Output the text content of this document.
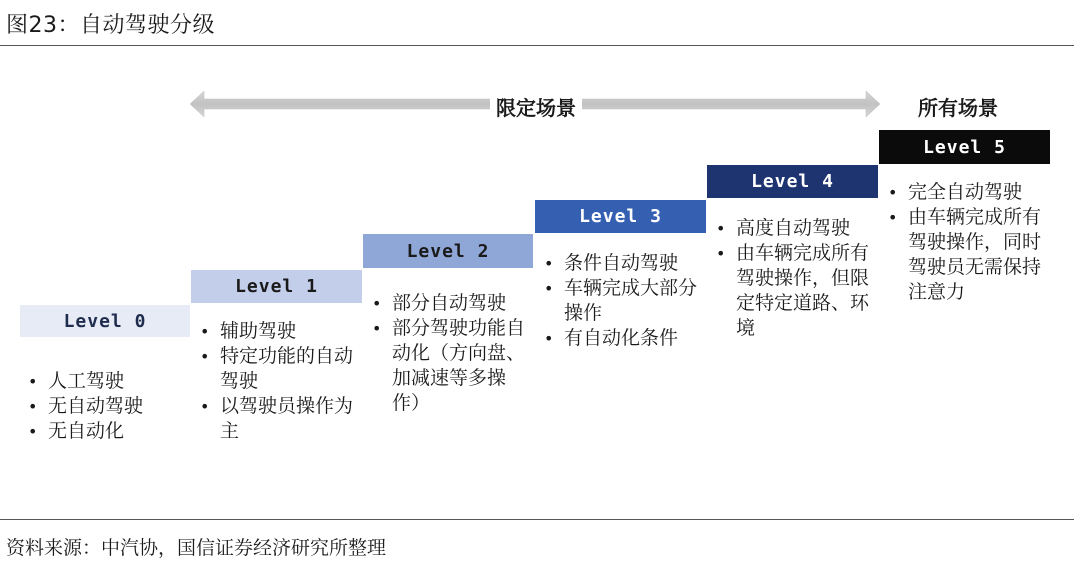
图23：自动驾驶分级
限定场景	所有场景
Level 0
• 人工驾驶
• 无自动驾驶
• 无自动化
Level 1
• 辅助驾驶
• 特定功能的自动驾驶
• 以驾驶员操作为主
Level 2
• 部分自动驾驶
• 部分驾驶功能自动化（方向盘、加减速等多操作）
Level 3
• 条件自动驾驶
• 车辆完成大部分操作
• 有自动化条件
Level 4
• 高度自动驾驶
• 由车辆完成所有驾驶操作，但限定特定道路、环境
Level 5
• 完全自动驾驶
• 由车辆完成所有驾驶操作，同时驾驶员无需保持注意力
资料来源：中汽协，国信证券经济研究所整理
